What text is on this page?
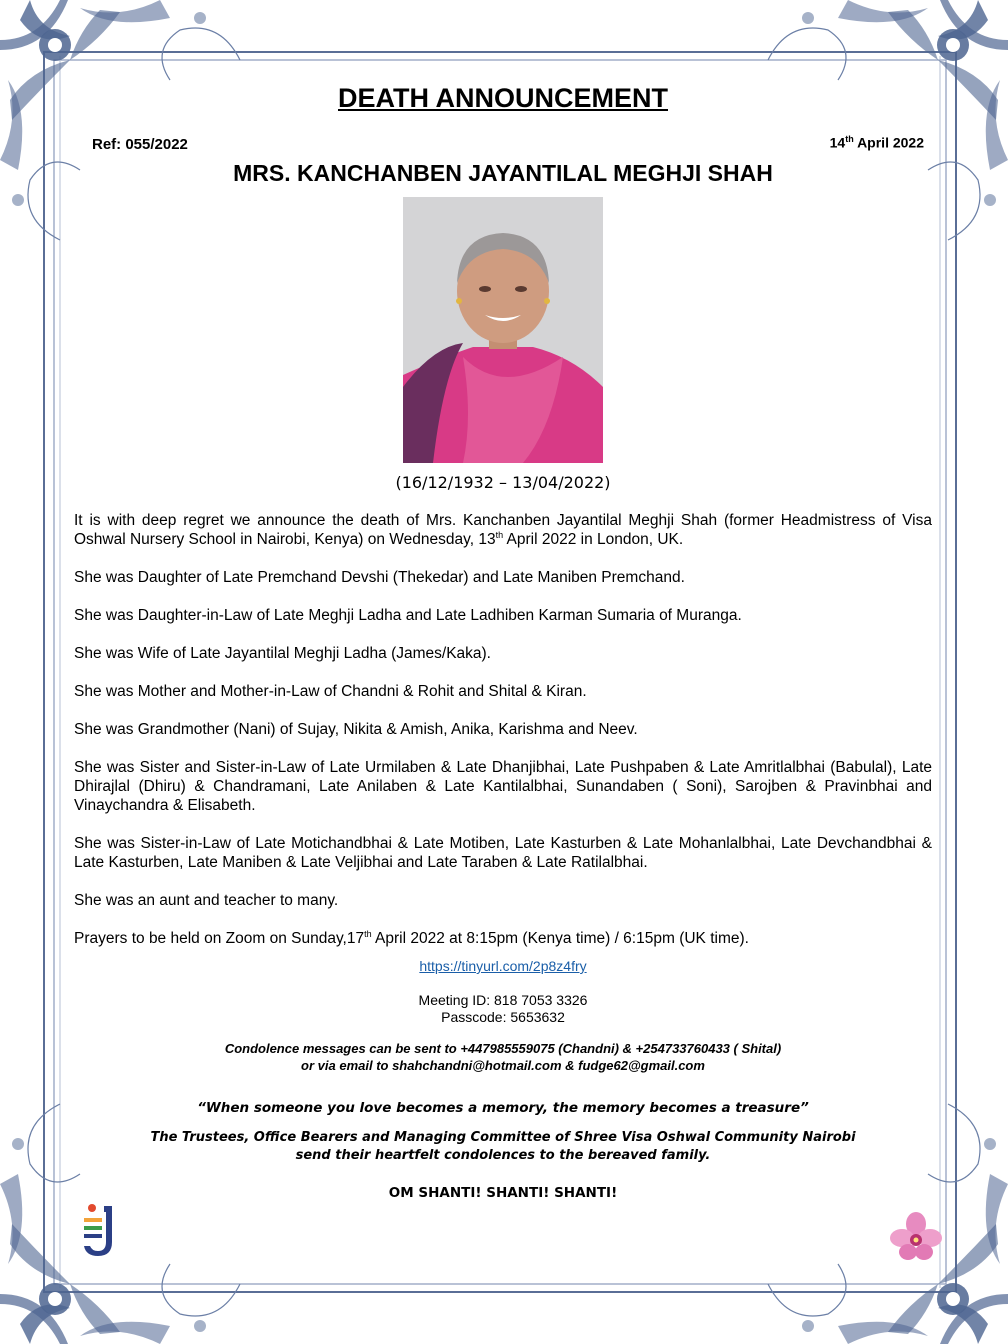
DEATH ANNOUNCEMENT
Ref: 055/2022	14th April 2022
MRS. KANCHANBEN JAYANTILAL MEGHJI SHAH
(16/12/1932 – 13/04/2022)

It is with deep regret we announce the death of Mrs. Kanchanben Jayantilal Meghji Shah (former Headmistress of Visa Oshwal Nursery School in Nairobi, Kenya) on Wednesday, 13th April 2022 in London, UK.

She was Daughter of Late Premchand Devshi (Thekedar) and Late Maniben Premchand.

She was Daughter-in-Law of Late Meghji Ladha and Late Ladhiben Karman Sumaria of Muranga.

She was Wife of Late Jayantilal Meghji Ladha (James/Kaka).

She was Mother and Mother-in-Law of Chandni & Rohit and Shital & Kiran.

She was Grandmother (Nani) of Sujay, Nikita & Amish, Anika, Karishma and Neev.

She was Sister and Sister-in-Law of Late Urmilaben & Late Dhanjibhai, Late Pushpaben & Late Amritlalbhai (Babulal), Late Dhirajlal (Dhiru) & Chandramani, Late Anilaben & Late Kantilalbhai, Sunandaben ( Soni), Sarojben & Pravinbhai and Vinaychandra & Elisabeth.

She was Sister-in-Law of Late Motichandbhai & Late Motiben, Late Kasturben & Late Mohanlalbhai, Late Devchandbhai & Late Kasturben, Late Maniben & Late Veljibhai and Late Taraben & Late Ratilalbhai.

She was an aunt and teacher to many.

Prayers to be held on Zoom on Sunday,17th April 2022 at 8:15pm (Kenya time) / 6:15pm (UK time).

https://tinyurl.com/2p8z4fry
Meeting ID: 818 7053 3326
Passcode: 5653632
Condolence messages can be sent to +447985559075 (Chandni) & +254733760433 ( Shital)
or via email to shahchandni@hotmail.com & fudge62@gmail.com
“When someone you love becomes a memory, the memory becomes a treasure”
The Trustees, Office Bearers and Managing Committee of Shree Visa Oshwal Community Nairobi
send their heartfelt condolences to the bereaved family.
OM SHANTI! SHANTI! SHANTI!
